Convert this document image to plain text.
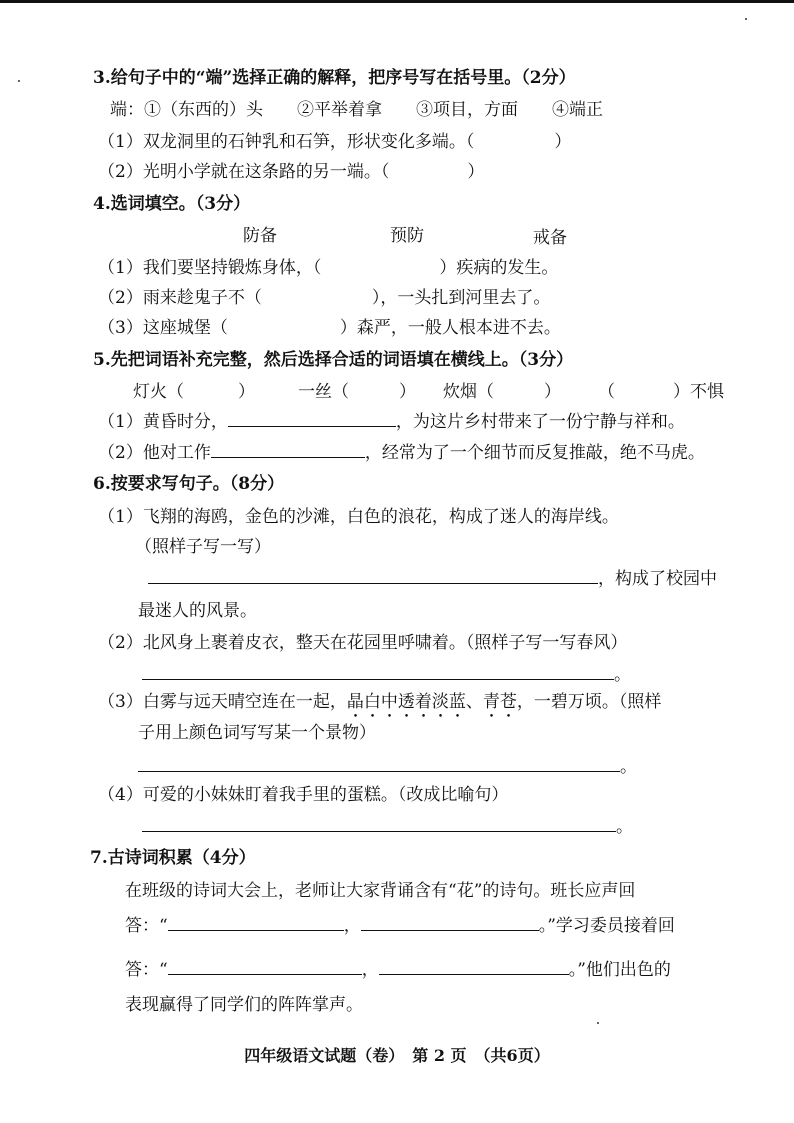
3.给句子中的“端”选择正确的解释，把序号写在括号里。（2分）
端：①（东西的）头　　②平举着拿　　③项目，方面　　④端正
（1）双龙洞里的石钟乳和石笋，形状变化多端。（	）
（2）光明小学就在这条路的另一端。（	）
4.选词填空。（3分）
防备	预防	戒备
（1）我们要坚持锻炼身体，（	）疾病的发生。
（2）雨来趁鬼子不（	），一头扎到河里去了。
（3）这座城堡（	）森严，一般人根本进不去。
5.先把词语补充完整，然后选择合适的词语填在横线上。（3分）
灯火（	）	一丝（	） 炊烟（	） （	）不惧
（1）黄昏时分，	，为这片乡村带来了一份宁静与祥和。
（2）他对工作	，经常为了一个细节而反复推敲，绝不马虎。
6.按要求写句子。（8分）
（1）飞翔的海鸥，金色的沙滩，白色的浪花，构成了迷人的海岸线。
（照样子写一写）
，构成了校园中
最迷人的风景。
（2）北风身上裹着皮衣，整天在花园里呼啸着。（照样子写一写春风）
。
（3）白雾与远天晴空连在一起，晶白中透着淡蓝、青苍，一碧万顷。（照样
子用上颜色词写写某一个景物）
。
（4）可爱的小妹妹盯着我手里的蛋糕。（改成比喻句）
。
7.古诗词积累（4分）
在班级的诗词大会上，老师让大家背诵含有“花”的诗句。班长应声回
答：“	，	。”学习委员接着回
答：“	，	。”他们出色的
表现赢得了同学们的阵阵掌声。
四年级语文试题（卷）　第 2 页　（共6页）
